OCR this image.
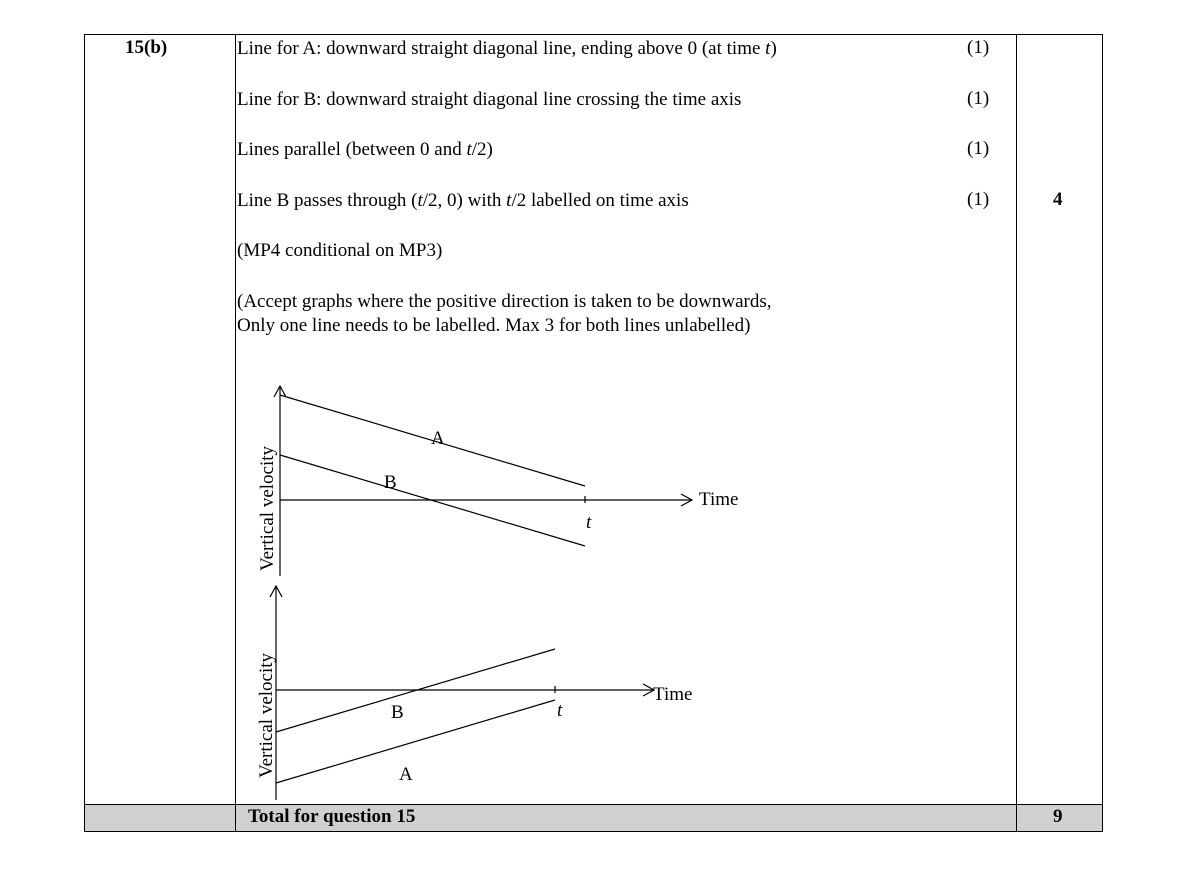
15(b)	Line for A: downward straight diagonal line, ending above 0 (at time t)	(1)
Line for B: downward straight diagonal line crossing the time axis	(1)
Lines parallel (between 0 and t/2)	(1)
Line B passes through (t/2, 0) with t/2 labelled on time axis	(1)	4
(MP4 conditional on MP3)
(Accept graphs where the positive direction is taken to be downwards,
Only one line needs to be labelled. Max 3 for both lines unlabelled)
A
B
Time
t
Vertical velocity
B
A
Time
t
Vertical velocity
Total for question 15	9
